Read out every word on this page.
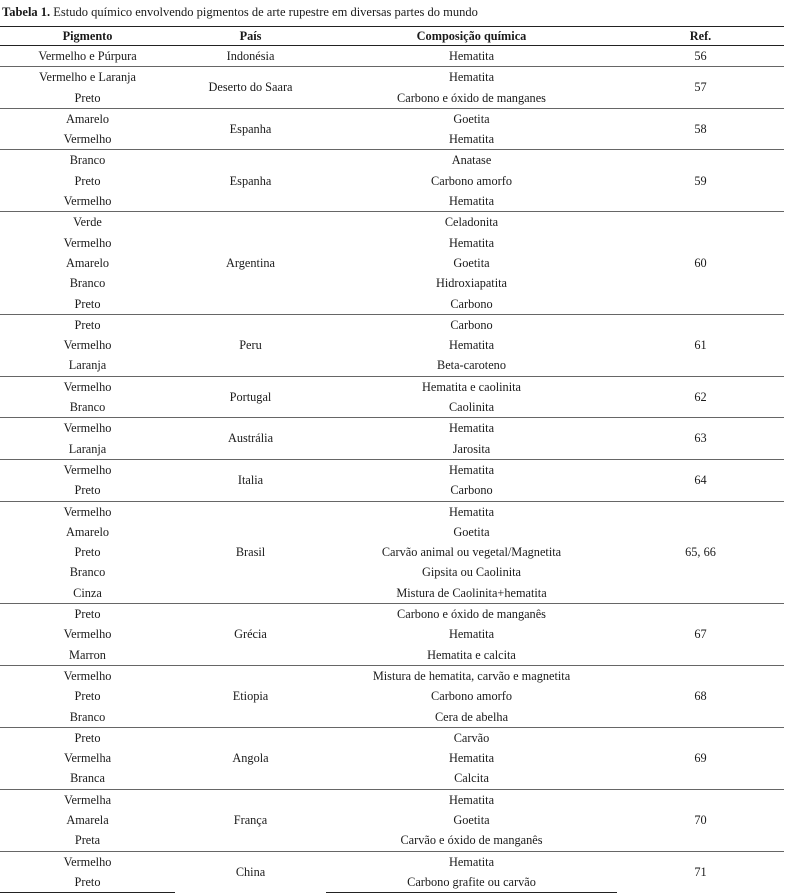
Tabela 1. Estudo químico envolvendo pigmentos de arte rupestre em diversas partes do mundo
Pigmento	País	Composição química	Ref.
Vermelho e Púrpura	Indonésia	Hematita	56
Vermelho e Laranja	Deserto do Saara	Hematita	57
Preto		Carbono e óxido de manganes	
Amarelo	Espanha	Goetita	58
Vermelho		Hematita	
Branco	Espanha	Anatase	59
Preto		Carbono amorfo	
Vermelho		Hematita	
Verde	Argentina	Celadonita	60
Vermelho		Hematita	
Amarelo		Goetita	
Branco		Hidroxiapatita	
Preto		Carbono	
Preto	Peru	Carbono	61
Vermelho		Hematita	
Laranja		Beta-caroteno	
Vermelho	Portugal	Hematita e caolinita	62
Branco		Caolinita	
Vermelho	Austrália	Hematita	63
Laranja		Jarosita	
Vermelho	Italia	Hematita	64
Preto		Carbono	
Vermelho	Brasil	Hematita	65, 66
Amarelo		Goetita	
Preto		Carvão animal ou vegetal/Magnetita	
Branco		Gipsita ou Caolinita	
Cinza		Mistura de Caolinita+hematita	
Preto	Grécia	Carbono e óxido de manganês	67
Vermelho		Hematita	
Marron		Hematita e calcita	
Vermelho	Etiopia	Mistura de hematita, carvão e magnetita	68
Preto		Carbono amorfo	
Branco		Cera de abelha	
Preto	Angola	Carvão	69
Vermelha		Hematita	
Branca		Calcita	
Vermelha	França	Hematita	70
Amarela		Goetita	
Preta		Carvão e óxido de manganês	
Vermelho	China	Hematita	71
Preto		Carbono grafite ou carvão	
